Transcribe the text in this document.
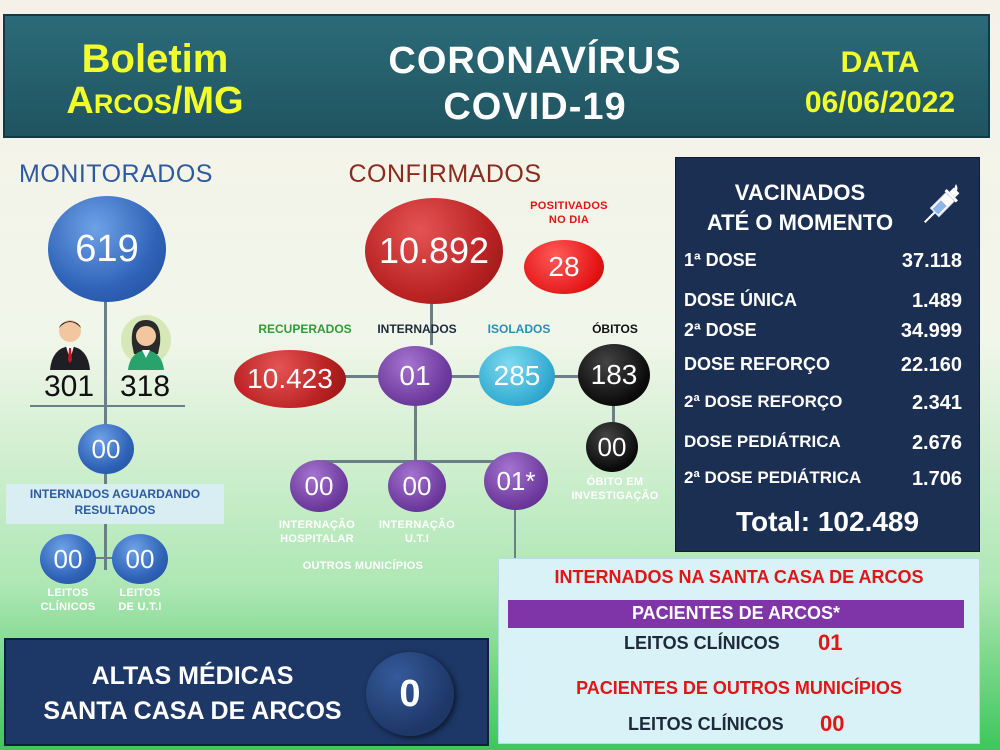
Boletim
Arcos/MG
CORONAVÍRUS
COVID-19
DATA
06/06/2022
MONITORADOS
619
301 318
00
INTERNADOS AGUARDANDO RESULTADOS
00	00
LEITOS
CLÍNICOS
LEITOS
DE U.T.I
CONFIRMADOS
10.892
POSITIVADOS
NO DIA
28
RECUPERADOS	INTERNADOS	ISOLADOS	ÓBITOS
10.423	01	285	183
00
ÓBITO EM
INVESTIGAÇÃO
00	00	01*
INTERNAÇÃO
HOSPITALAR
INTERNAÇÃO
U.T.I
OUTROS MUNICÍPIOS
VACINADOS
ATÉ O MOMENTO
1ª DOSE	37.118
DOSE ÚNICA	1.489
2ª DOSE	34.999
DOSE REFORÇO	22.160
2ª DOSE REFORÇO	2.341
DOSE PEDIÁTRICA	2.676
2ª DOSE PEDIÁTRICA	1.706
Total: 102.489
INTERNADOS NA SANTA CASA DE ARCOS
PACIENTES DE ARCOS*
LEITOS CLÍNICOS	01
PACIENTES DE OUTROS MUNICÍPIOS
LEITOS CLÍNICOS	00
ALTAS MÉDICAS
SANTA CASA DE ARCOS	0
